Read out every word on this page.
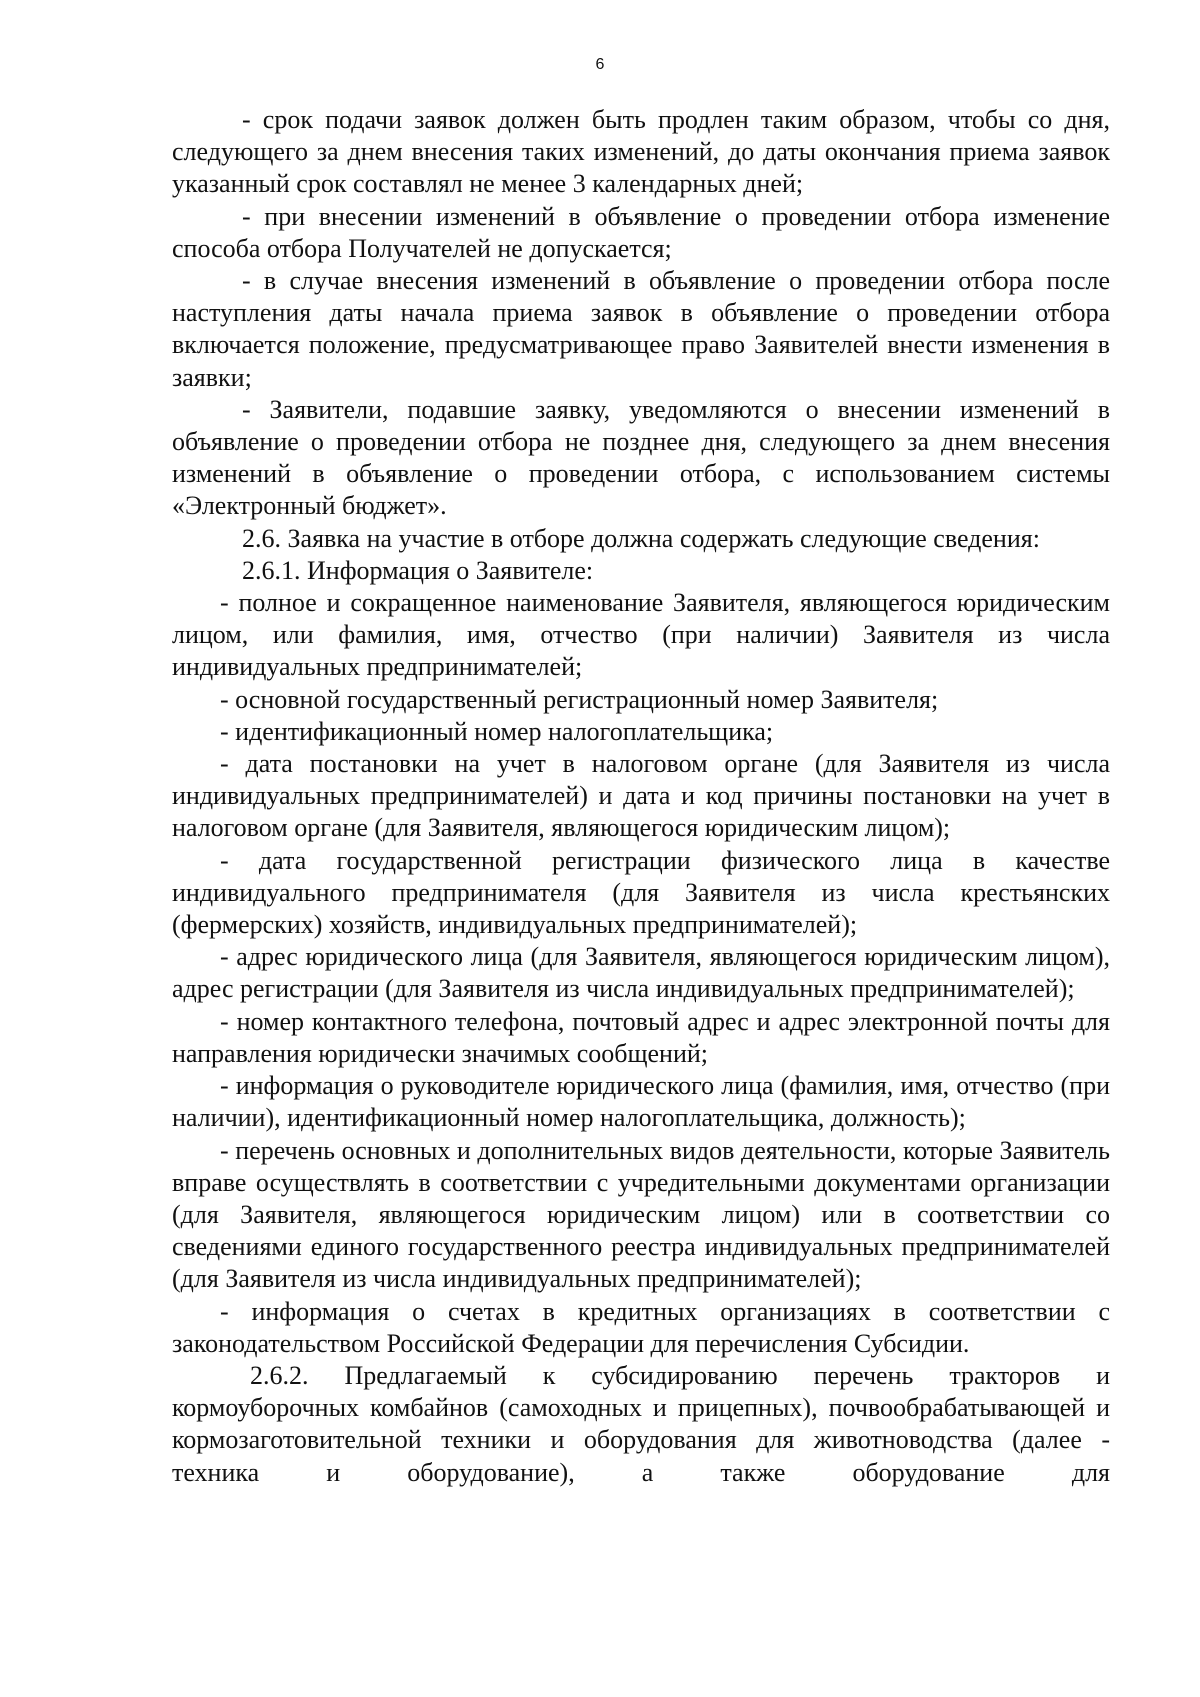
6

- срок подачи заявок должен быть продлен таким образом, чтобы со дня, следующего за днем внесения таких изменений, до даты окончания приема заявок указанный срок составлял не менее 3 календарных дней;

- при внесении изменений в объявление о проведении отбора изменение способа отбора Получателей не допускается;

- в случае внесения изменений в объявление о проведении отбора после наступления даты начала приема заявок в объявление о проведении отбора включается положение, предусматривающее право Заявителей внести изменения в заявки;

- Заявители, подавшие заявку, уведомляются о внесении изменений в объявление о проведении отбора не позднее дня, следующего за днем внесения изменений в объявление о проведении отбора, с использованием системы «Электронный бюджет».

2.6. Заявка на участие в отборе должна содержать следующие сведения:

2.6.1. Информация о Заявителе:

- полное и сокращенное наименование Заявителя, являющегося юридическим лицом, или фамилия, имя, отчество (при наличии) Заявителя из числа индивидуальных предпринимателей;

- основной государственный регистрационный номер Заявителя;

- идентификационный номер налогоплательщика;

- дата постановки на учет в налоговом органе (для Заявителя из числа индивидуальных предпринимателей) и дата и код причины постановки на учет в налоговом органе (для Заявителя, являющегося юридическим лицом);

- дата государственной регистрации физического лица в качестве индивидуального предпринимателя (для Заявителя из числа крестьянских (фермерских) хозяйств, индивидуальных предпринимателей);

- адрес юридического лица (для Заявителя, являющегося юридическим лицом), адрес регистрации (для Заявителя из числа индивидуальных предпринимателей);

- номер контактного телефона, почтовый адрес и адрес электронной почты для направления юридически значимых сообщений;

- информация о руководителе юридического лица (фамилия, имя, отчество (при наличии), идентификационный номер налогоплательщика, должность);

- перечень основных и дополнительных видов деятельности, которые Заявитель вправе осуществлять в соответствии с учредительными документами организации (для Заявителя, являющегося юридическим лицом) или в соответствии со сведениями единого государственного реестра индивидуальных предпринимателей (для Заявителя из числа индивидуальных предпринимателей);

- информация о счетах в кредитных организациях в соответствии с законодательством Российской Федерации для перечисления Субсидии.

2.6.2. Предлагаемый к субсидированию перечень тракторов и кормоуборочных комбайнов (самоходных и прицепных), почвообрабатывающей и кормозаготовительной техники и оборудования для животноводства (далее - техника и оборудование), а также оборудование для
